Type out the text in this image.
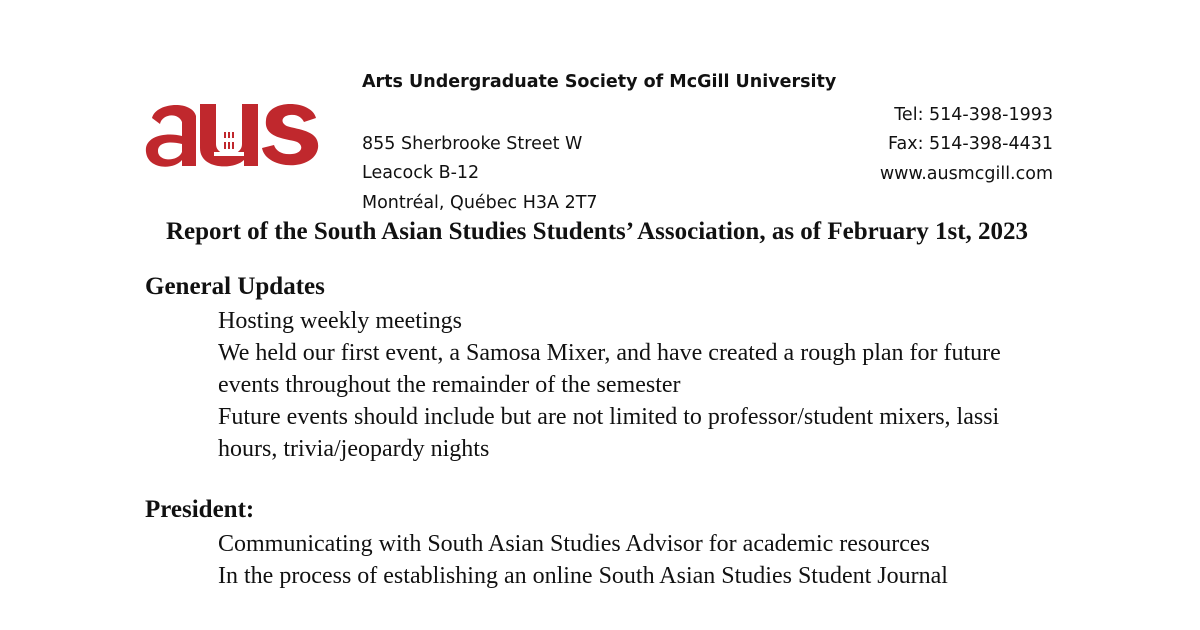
Arts Undergraduate Society of McGill University
855 Sherbrooke Street W
Leacock B-12
Montréal, Québec H3A 2T7
Tel: 514-398-1993
Fax: 514-398-4431
www.ausmcgill.com
Report of the South Asian Studies Students’ Association, as of February 1st, 2023
General Updates
Hosting weekly meetings
We held our first event, a Samosa Mixer, and have created a rough plan for future events throughout the remainder of the semester
Future events should include but are not limited to professor/student mixers, lassi hours, trivia/jeopardy nights
President:
Communicating with South Asian Studies Advisor for academic resources
In the process of establishing an online South Asian Studies Student Journal
